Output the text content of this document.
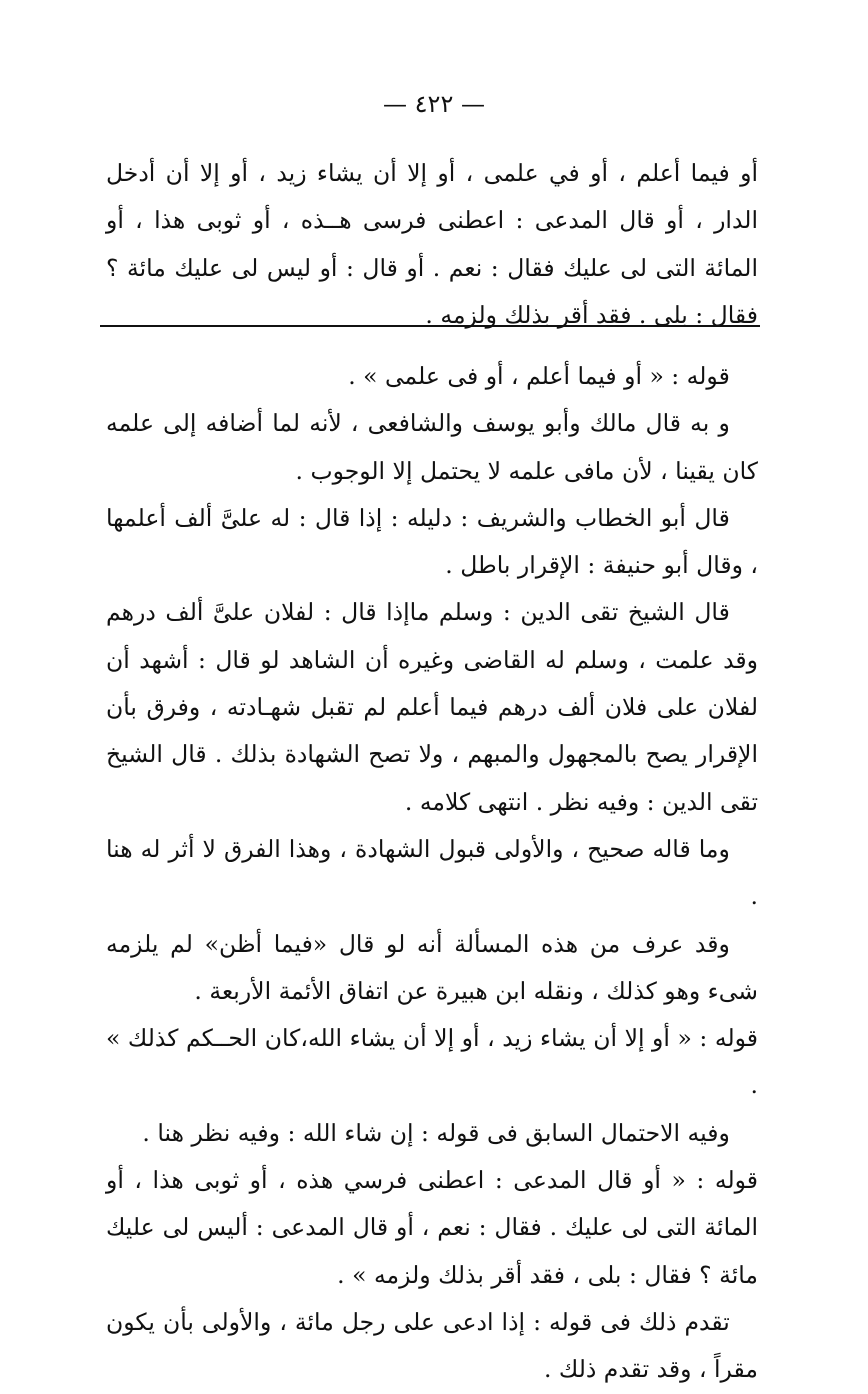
— ٤٢٢ —
أو فيما أعلم ، أو في علمى ، أو إلا أن يشاء زيد ، أو إلا أن أدخل الدار ، أو قال المدعى : اعطنى فرسى هــذه ، أو ثوبى هذا ، أو المائة التى لى عليك فقال : نعم . أو قال : أو ليس لى عليك مائة ؟ فقال : بلى . فقد أقر بذلك ولزمه .

قوله : « أو فيما أعلم ، أو فى علمى » .

و به قال مالك وأبو يوسف والشافعى ، لأنه لما أضافه إلى علمه كان يقينا ، لأن مافى علمه لا يحتمل إلا الوجوب .

قال أبو الخطاب والشريف : دليله : إذا قال : له علىَّ ألف أعلمها ، وقال أبو حنيفة : الإقرار باطل .

قال الشيخ تقى الدين : وسلم ماإذا قال : لفلان علىَّ ألف درهم وقد علمت ، وسلم له القاضى وغيره أن الشاهد لو قال : أشهد أن لفلان على فلان ألف درهم فيما أعلم لم تقبل شهـادته ، وفرق بأن الإقرار يصح بالمجهول والمبهم ، ولا تصح الشهادة بذلك . قال الشيخ تقى الدين : وفيه نظر . انتهى كلامه .

وما قاله صحيح ، والأولى قبول الشهادة ، وهذا الفرق لا أثر له هنا .

وقد عرف من هذه المسألة أنه لو قال «فيما أظن» لم يلزمه شىء وهو كذلك ، ونقله ابن هبيرة عن اتفاق الأئمة الأربعة .

قوله : « أو إلا أن يشاء زيد ، أو إلا أن يشاء الله،كان الحــكم كذلك » .

وفيه الاحتمال السابق فى قوله : إن شاء الله : وفيه نظر هنا .

قوله : « أو قال المدعى : اعطنى فرسي هذه ، أو ثوبى هذا ، أو المائة التى لى عليك . فقال : نعم ، أو قال المدعى : أليس لى عليك مائة ؟ فقال : بلى ، فقد أقر بذلك ولزمه » .

تقدم ذلك فى قوله : إذا ادعى على رجل مائة ، والأولى بأن يكون مقراً ، وقد تقدم ذلك .
